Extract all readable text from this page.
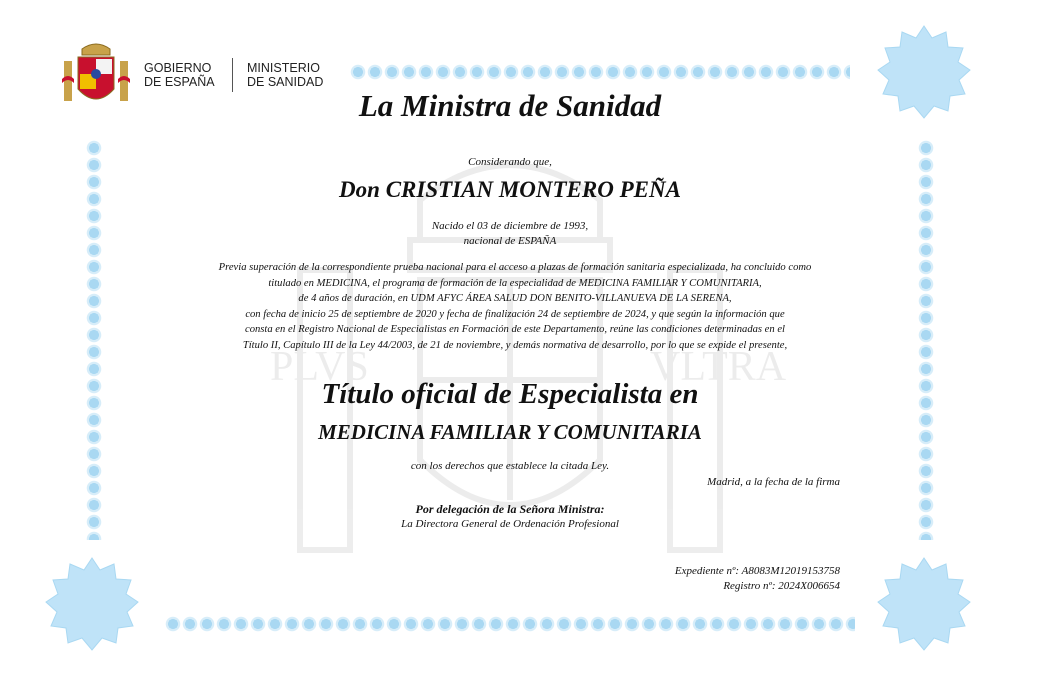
PLVS	VLTRA
GOBIERNO
DE ESPAÑA
MINISTERIO
DE SANIDAD
La Ministra de Sanidad
Considerando que,
Don CRISTIAN MONTERO PEÑA
Nacido el 03 de diciembre de 1993,
nacional de ESPAÑA
Previa superación de la correspondiente prueba nacional para el acceso a plazas de formación sanitaria especializada, ha concluido como
titulado en MEDICINA, el programa de formación de la especialidad de MEDICINA FAMILIAR Y COMUNITARIA,
de 4 años de duración, en UDM AFYC ÁREA SALUD DON BENITO-VILLANUEVA DE LA SERENA,
con fecha de inicio 25 de septiembre de 2020 y fecha de finalización 24 de septiembre de 2024, y que según la información que
consta en el Registro Nacional de Especialistas en Formación de este Departamento, reúne las condiciones determinadas en el
Título II, Capítulo III de la Ley 44/2003, de 21 de noviembre, y demás normativa de desarrollo, por lo que se expide el presente,
Título oficial de Especialista en
MEDICINA FAMILIAR Y COMUNITARIA
con los derechos que establece la citada Ley.
Madrid, a la fecha de la firma
Por delegación de la Señora Ministra:
La Directora General de Ordenación Profesional
Expediente nº: A8083M12019153758
Registro nº: 2024X006654
